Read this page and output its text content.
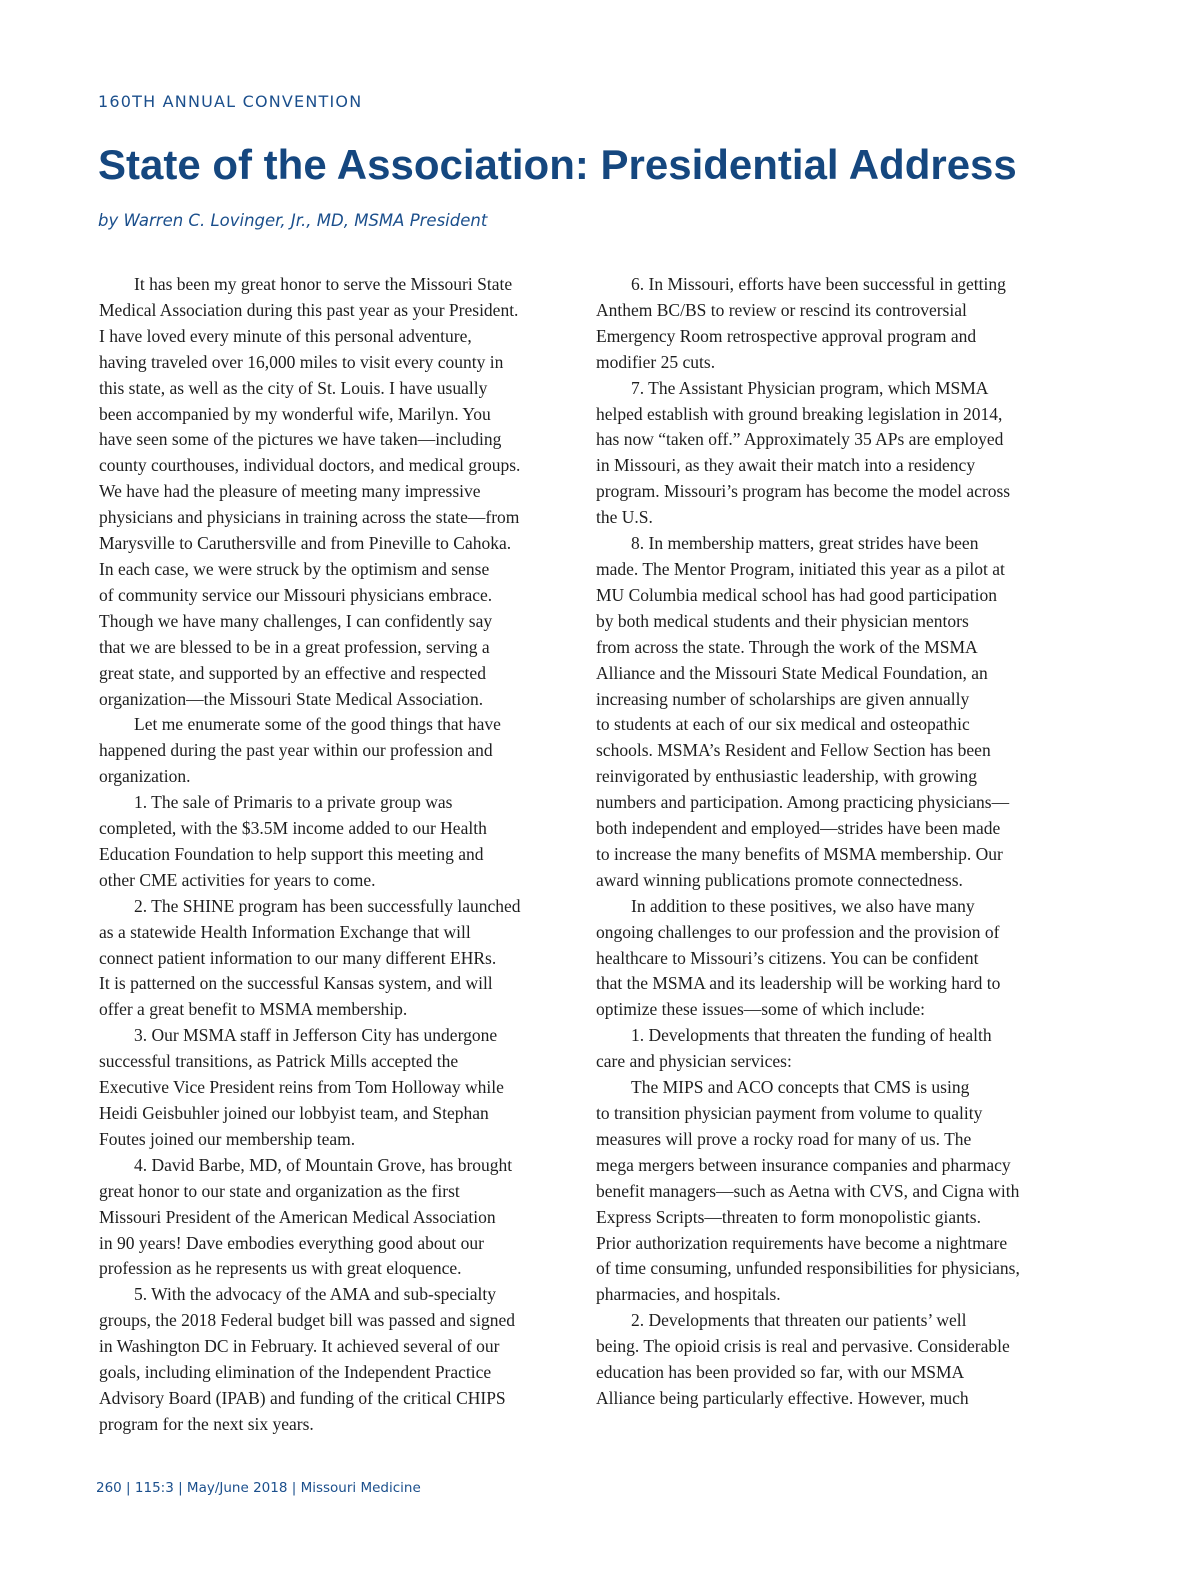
160TH ANNUAL CONVENTION
State of the Association: Presidential Address
by Warren C. Lovinger, Jr., MD, MSMA President
  It has been my great honor to serve the Missouri State
Medical Association during this past year as your President.
I have loved every minute of this personal adventure,
having traveled over 16,000 miles to visit every county in
this state, as well as the city of St. Louis. I have usually
been accompanied by my wonderful wife, Marilyn. You
have seen some of the pictures we have taken—including
county courthouses, individual doctors, and medical groups.
We have had the pleasure of meeting many impressive
physicians and physicians in training across the state—from
Marysville to Caruthersville and from Pineville to Cahoka.
In each case, we were struck by the optimism and sense
of community service our Missouri physicians embrace.
Though we have many challenges, I can confidently say
that we are blessed to be in a great profession, serving a
great state, and supported by an effective and respected
organization—the Missouri State Medical Association.
  Let me enumerate some of the good things that have
happened during the past year within our profession and
organization.
  1. The sale of Primaris to a private group was
completed, with the $3.5M income added to our Health
Education Foundation to help support this meeting and
other CME activities for years to come.
  2. The SHINE program has been successfully launched
as a statewide Health Information Exchange that will
connect patient information to our many different EHRs.
It is patterned on the successful Kansas system, and will
offer a great benefit to MSMA membership.
  3. Our MSMA staff in Jefferson City has undergone
successful transitions, as Patrick Mills accepted the
Executive Vice President reins from Tom Holloway while
Heidi Geisbuhler joined our lobbyist team, and Stephan
Foutes joined our membership team.
  4. David Barbe, MD, of Mountain Grove, has brought
great honor to our state and organization as the first
Missouri President of the American Medical Association
in 90 years! Dave embodies everything good about our
profession as he represents us with great eloquence.
  5. With the advocacy of the AMA and sub-specialty
groups, the 2018 Federal budget bill was passed and signed
in Washington DC in February. It achieved several of our
goals, including elimination of the Independent Practice
Advisory Board (IPAB) and funding of the critical CHIPS
program for the next six years.
  6. In Missouri, efforts have been successful in getting
Anthem BC/BS to review or rescind its controversial
Emergency Room retrospective approval program and
modifier 25 cuts.
  7. The Assistant Physician program, which MSMA
helped establish with ground breaking legislation in 2014,
has now “taken off.” Approximately 35 APs are employed
in Missouri, as they await their match into a residency
program. Missouri’s program has become the model across
the U.S.
  8. In membership matters, great strides have been
made. The Mentor Program, initiated this year as a pilot at
MU Columbia medical school has had good participation
by both medical students and their physician mentors
from across the state. Through the work of the MSMA
Alliance and the Missouri State Medical Foundation, an
increasing number of scholarships are given annually
to students at each of our six medical and osteopathic
schools. MSMA’s Resident and Fellow Section has been
reinvigorated by enthusiastic leadership, with growing
numbers and participation. Among practicing physicians—
both independent and employed—strides have been made
to increase the many benefits of MSMA membership. Our
award winning publications promote connectedness.
  In addition to these positives, we also have many
ongoing challenges to our profession and the provision of
healthcare to Missouri’s citizens. You can be confident
that the MSMA and its leadership will be working hard to
optimize these issues—some of which include:
  1. Developments that threaten the funding of health
care and physician services:
  The MIPS and ACO concepts that CMS is using
to transition physician payment from volume to quality
measures will prove a rocky road for many of us. The
mega mergers between insurance companies and pharmacy
benefit managers—such as Aetna with CVS, and Cigna with
Express Scripts—threaten to form monopolistic giants.
Prior authorization requirements have become a nightmare
of time consuming, unfunded responsibilities for physicians,
pharmacies, and hospitals.
  2. Developments that threaten our patients’ well
being. The opioid crisis is real and pervasive. Considerable
education has been provided so far, with our MSMA
Alliance being particularly effective. However, much
260 | 115:3 | May/June 2018 | Missouri Medicine
